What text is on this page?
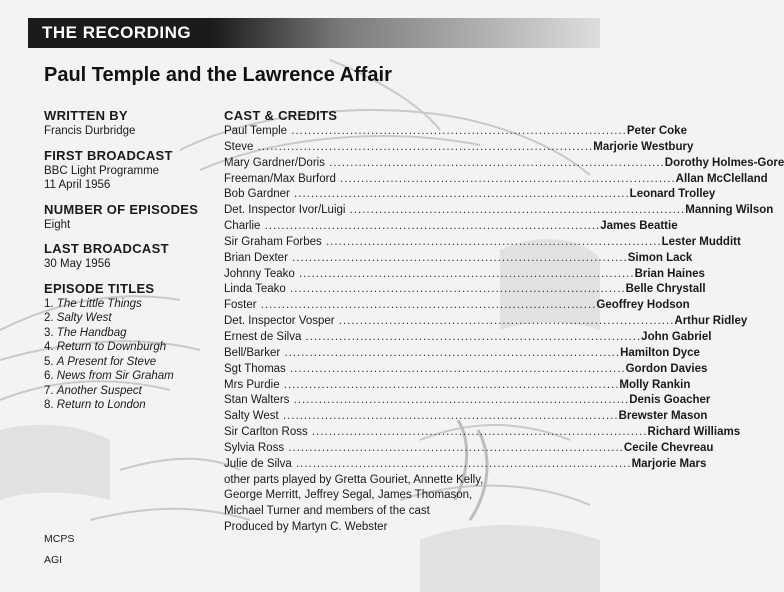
THE RECORDING
Paul Temple and the Lawrence Affair

WRITTEN BY

Francis Durbridge

FIRST BROADCAST

BBC Light Programme

11 April 1956

NUMBER OF EPISODES

Eight

LAST BROADCAST

30 May 1956

EPISODE TITLES

1. The Little Things
2. Salty West
3. The Handbag
4. Return to Downburgh
5. A Present for Steve
6. News from Sir Graham
7. Another Suspect
8. Return to London

CAST & CREDITS

Paul Temple ................................................................................ Peter Coke
Steve ................................................................................ Marjorie Westbury
Mary Gardner/Doris ................................................................................ Dorothy Holmes-Gore
Freeman/Max Burford ................................................................................ Allan McClelland
Bob Gardner ................................................................................ Leonard Trolley
Det. Inspector Ivor/Luigi ................................................................................ Manning Wilson
Charlie ................................................................................ James Beattie
Sir Graham Forbes ................................................................................ Lester Mudditt
Brian Dexter ................................................................................ Simon Lack
Johnny Teako ................................................................................ Brian Haines
Linda Teako ................................................................................ Belle Chrystall
Foster ................................................................................ Geoffrey Hodson
Det. Inspector Vosper ................................................................................ Arthur Ridley
Ernest de Silva ................................................................................ John Gabriel
Bell/Barker ................................................................................ Hamilton Dyce
Sgt Thomas ................................................................................ Gordon Davies
Mrs Purdie ................................................................................ Molly Rankin
Stan Walters ................................................................................ Denis Goacher
Salty West ................................................................................ Brewster Mason
Sir Carlton Ross ................................................................................ Richard Williams
Sylvia Ross ................................................................................ Cecile Chevreau
Julie de Silva ................................................................................ Marjorie Mars
other parts played by Gretta Gouriet, Annette Kelly,
George Merritt, Jeffrey Segal, James Thomason,
Michael Turner and members of the cast
Produced by Martyn C. Webster
MCPS
AGI
